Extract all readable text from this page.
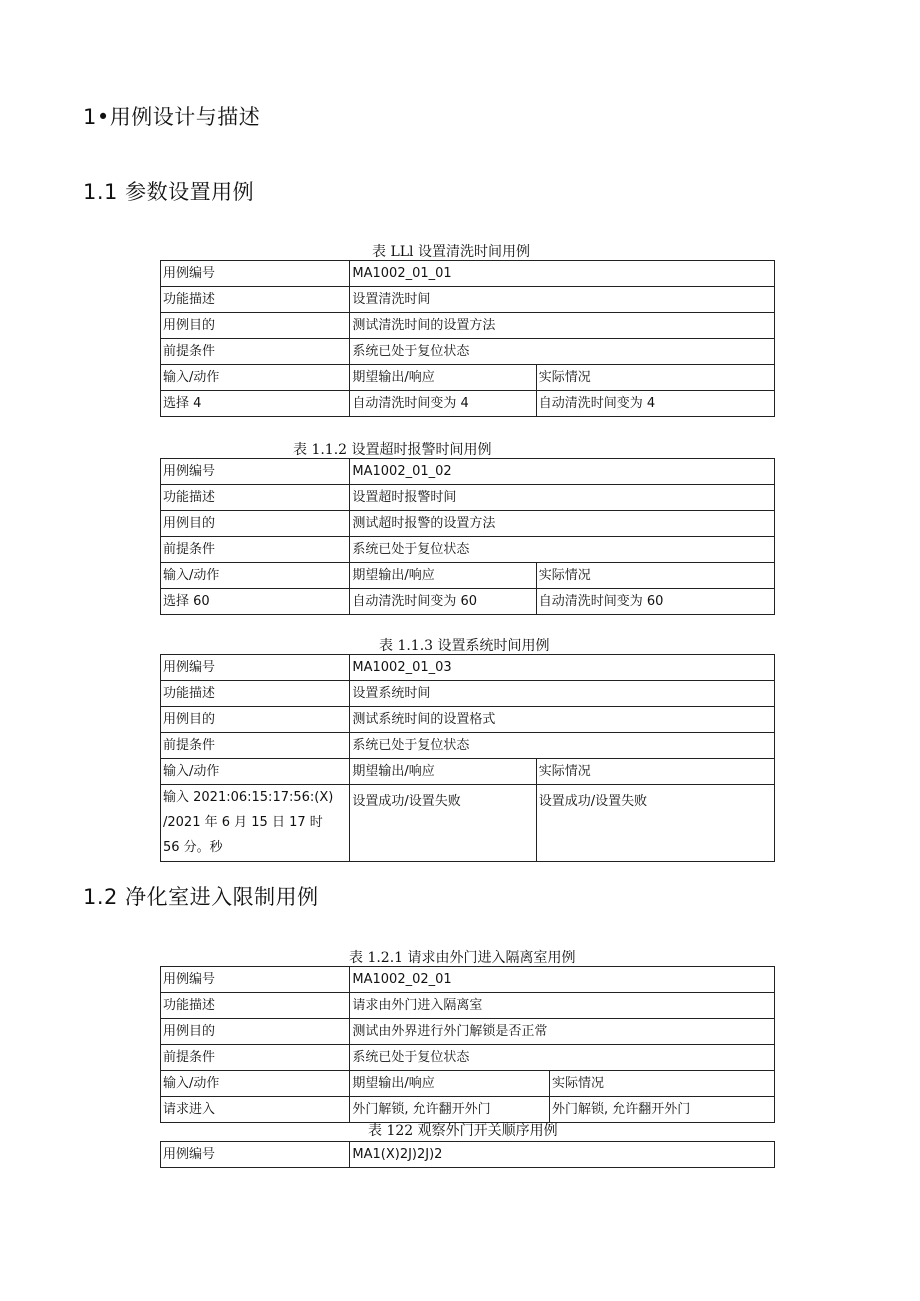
1•用例设计与描述
1.1 参数设置用例
表 LLl 设置清洗时间用例
用例编号	MA1002_01_01	
功能描述	设置清洗时间	
用例目的	测试清洗时间的设置方法	
前提条件	系统已处于复位状态	
输入/动作	期望输出/响应	实际情况
选择 4	自动清洗时间变为 4	自动清洗时间变为 4
表 1.1.2 设置超时报警时间用例
用例编号	MA1002_01_02	
功能描述	设置超时报警时间	
用例目的	测试超时报警的设置方法	
前提条件	系统已处于复位状态	
输入/动作	期望输出/响应	实际情况
选择 60	自动清洗时间变为 60	自动清洗时间变为 60
表 1.1.3 设置系统时间用例
用例编号	MA1002_01_03	
功能描述	设置系统时间	
用例目的	测试系统时间的设置格式	
前提条件	系统已处于复位状态	
输入/动作	期望输出/响应	实际情况

输入 2021:06:15:17:56:(X)
/2021 年 6 月 15 日 17 时
56 分。秒	设置成功/设置失败	设置成功/设置失败
1.2 净化室进入限制用例
表 1.2.1 请求由外门进入隔离室用例
用例编号	MA1002_02_01	
功能描述	请求由外门进入隔离室	
用例目的	测试由外界进行外门解锁是否正常	
前提条件	系统已处于复位状态	
输入/动作	期望输出/响应	实际情况
请求进入	外门解锁, 允许翻开外门	外门解锁, 允许翻开外门
表 122 观察外门开关顺序用例
用例编号	MA1(X)2J)2J)2
